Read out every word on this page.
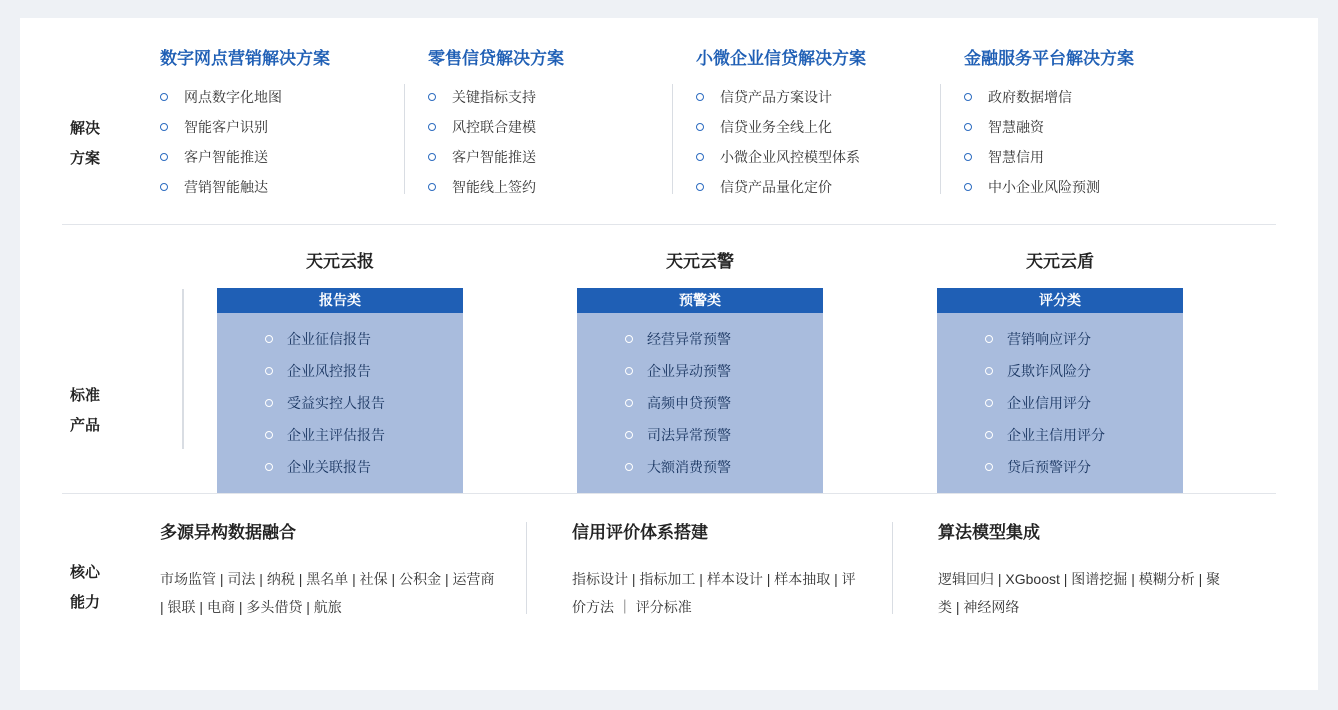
解决
方案
数字网点营销解决方案
网点数字化地图
智能客户识别
客户智能推送
营销智能触达
零售信贷解决方案
关键指标支持
风控联合建模
客户智能推送
智能线上签约
小微企业信贷解决方案
信贷产品方案设计
信贷业务全线上化
小微企业风控模型体系
信贷产品量化定价
金融服务平台解决方案
政府数据增信
智慧融资
智慧信用
中小企业风险预测
标准
产品
天元云报
报告类
企业征信报告
企业风控报告
受益实控人报告
企业主评估报告
企业关联报告
天元云警
预警类
经营异常预警
企业异动预警
高频申贷预警
司法异常预警
大额消费预警
天元云盾
评分类
营销响应评分
反欺诈风险分
企业信用评分
企业主信用评分
贷后预警评分
核心
能力
多源异构数据融合
市场监管 | 司法 | 纳税 | 黑名单 | 社保 | 公积金 | 运营商 | 银联 | 电商 | 多头借贷 | 航旅
信用评价体系搭建
指标设计 | 指标加工 | 样本设计 | 样本抽取 | 评价方法 ｜ 评分标准
算法模型集成
逻辑回归 | XGboost | 图谱挖掘 | 模糊分析 | 聚类 | 神经网络
